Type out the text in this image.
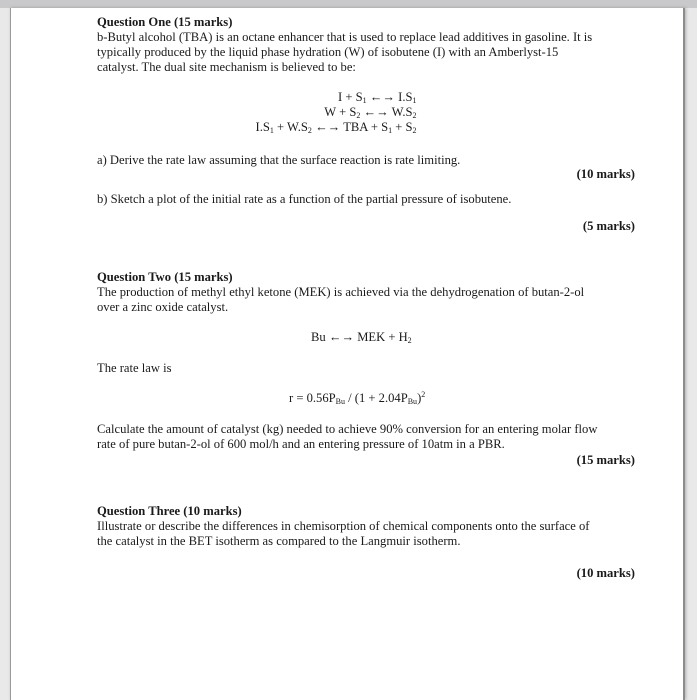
Question One (15 marks)
b-Butyl alcohol (TBA) is an octane enhancer that is used to replace lead additives in gasoline. It is
typically produced by the liquid phase hydration (W) of isobutene (I) with an Amberlyst-15
catalyst. The dual site mechanism is believed to be:
$I + S_1$ ←→ $I.S_1$
$W + S_2$ ←→ $W.S_2$
$I.S_1 + W.S_2$ ←→ TBA + $S_1 + S_2$
a) Derive the rate law assuming that the surface reaction is rate limiting.
(10 marks)
b) Sketch a plot of the initial rate as a function of the partial pressure of isobutene.
(5 marks)
Question Two (15 marks)
The production of methyl ethyl ketone (MEK) is achieved via the dehydrogenation of butan-2-ol
over a zinc oxide catalyst.
Bu ←→ MEK + $H_2$
The rate law is
$r = 0.56P_{Bu} / (1 + 2.04P_{Bu})^2$
Calculate the amount of catalyst (kg) needed to achieve 90% conversion for an entering molar flow
rate of pure butan-2-ol of 600 mol/h and an entering pressure of 10atm in a PBR.
(15 marks)
Question Three (10 marks)
Illustrate or describe the differences in chemisorption of chemical components onto the surface of
the catalyst in the BET isotherm as compared to the Langmuir isotherm.
(10 marks)
